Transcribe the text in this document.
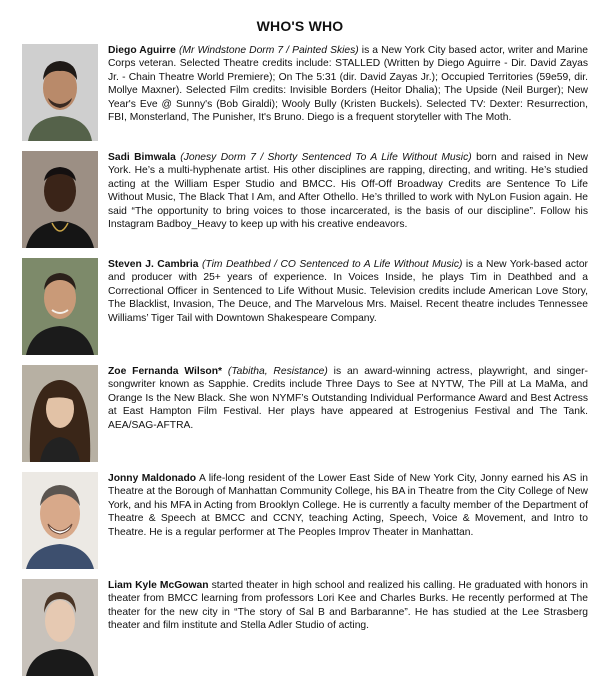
WHO'S WHO

Diego Aguirre (Mr Windstone Dorm 7 / Painted Skies) is a New York City based actor, writer and Marine Corps veteran. Selected Theatre credits include: STALLED (Written by Diego Aguirre - Dir. David Zayas Jr. - Chain Theatre World Premiere); On The 5:31 (dir. David Zayas Jr.); Occupied Territories (59e59, dir. Mollye Maxner). Selected Film credits: Invisible Borders (Heitor Dhalia); The Upside (Neil Burger); New Year's Eve @ Sunny's (Bob Giraldi); Wooly Bully (Kristen Buckels). Selected TV: Dexter: Resurrection, FBI, Monsterland, The Punisher, It's Bruno. Diego is a frequent storyteller with The Moth.

Sadi Bimwala (Jonesy Dorm 7 / Shorty Sentenced To A Life Without Music) born and raised in New York. He’s a multi-hyphenate artist. His other disciplines are rapping, directing, and writing. He’s studied acting at the William Esper Studio and BMCC. His Off-Off Broadway Credits are Sentence To Life Without Music, The Black That I Am, and After Othello. He’s thrilled to work with NyLon Fusion again. He said “The opportunity to bring voices to those incarcerated, is the basis of our discipline”. Follow his Instagram Badboy_Heavy to keep up with his creative endeavors.

Steven J. Cambria (Tim Deathbed / CO Sentenced to A Life Without Music) is a New York-based actor and producer with 25+ years of experience. In Voices Inside, he plays Tim in Deathbed and a Correctional Officer in Sentenced to Life Without Music. Television credits include American Love Story, The Blacklist, Invasion, The Deuce, and The Marvelous Mrs. Maisel. Recent theatre includes Tennessee Williams’ Tiger Tail with Downtown Shakespeare Company.

Zoe Fernanda Wilson* (Tabitha, Resistance) is an award-winning actress, playwright, and singer-songwriter known as Sapphie. Credits include Three Days to See at NYTW, The Pill at La MaMa, and Orange Is the New Black. She won NYMF’s Outstanding Individual Performance Award and Best Actress at East Hampton Film Festival. Her plays have appeared at Estrogenius Festival and The Tank. AEA/SAG-AFTRA.

Jonny Maldonado A life-long resident of the Lower East Side of New York City, Jonny earned his AS in Theatre at the Borough of Manhattan Community College, his BA in Theatre from the City College of New York, and his MFA in Acting from Brooklyn College. He is currently a faculty member of the Department of Theatre & Speech at BMCC and CCNY, teaching Acting, Speech, Voice & Movement, and Intro to Theatre. He is a regular performer at The Peoples Improv Theater in Manhattan.

Liam Kyle McGowan started theater in high school and realized his calling. He graduated with honors in theater from BMCC learning from professors Lori Kee and Charles Burks. He recently performed at The theater for the new city in “The story of Sal B and Barbaranne”. He has studied at the Lee Strasberg theater and film institute and Stella Adler Studio of acting.
